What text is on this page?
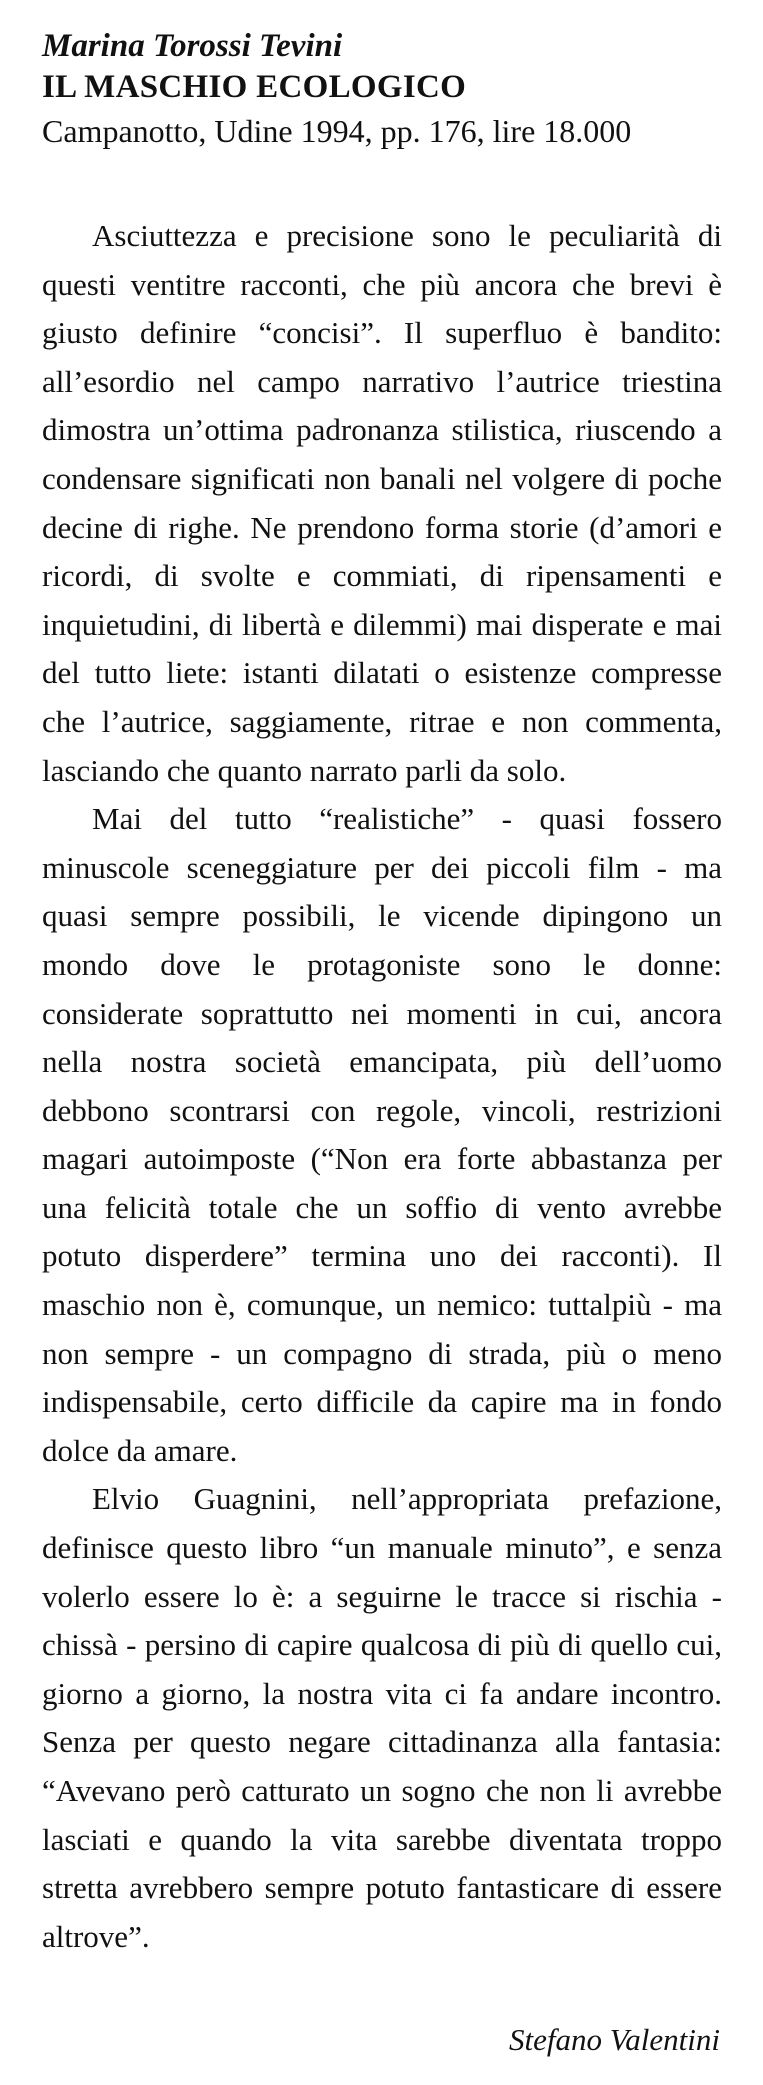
Marina Torossi Tevini

IL MASCHIO ECOLOGICO

Campanotto, Udine 1994, pp. 176, lire 18.000

Asciuttezza e precisione sono le peculiarità di questi ventitre racconti, che più ancora che brevi è giusto definire “concisi”. Il superfluo è bandito: all’esordio nel campo narrativo l’autrice triestina dimostra un’ottima padronanza stilistica, riuscendo a condensare significati non banali nel volgere di poche decine di righe. Ne prendono forma storie (d’amori e ricordi, di svolte e commiati, di ripensamenti e inquietudini, di libertà e dilemmi) mai disperate e mai del tutto liete: istanti dilatati o esistenze compresse che l’autrice, saggiamente, ritrae e non commenta, lasciando che quanto narrato parli da solo.

Mai del tutto “realistiche” - quasi fossero minuscole sceneggiature per dei piccoli film - ma quasi sempre possibili, le vicende dipingono un mondo dove le protagoniste sono le donne: considerate soprattutto nei momenti in cui, ancora nella nostra società emancipata, più dell’uomo debbono scontrarsi con regole, vincoli, restrizioni magari autoimposte (“Non era forte abbastanza per una felicità totale che un soffio di vento avrebbe potuto disperdere” termina uno dei racconti). Il maschio non è, comunque, un nemico: tuttalpiù - ma non sempre - un compagno di strada, più o meno indispensabile, certo difficile da capire ma in fondo dolce da amare.

Elvio Guagnini, nell’appropriata prefazione, definisce questo libro “un manuale minuto”, e senza volerlo essere lo è: a seguirne le tracce si rischia - chissà - persino di capire qualcosa di più di quello cui, giorno a giorno, la nostra vita ci fa andare incontro. Senza per questo negare cittadinanza alla fantasia: “Avevano però catturato un sogno che non li avrebbe lasciati e quando la vita sarebbe diventata troppo stretta avrebbero sempre potuto fantasticare di essere altrove”.

Stefano Valentini
